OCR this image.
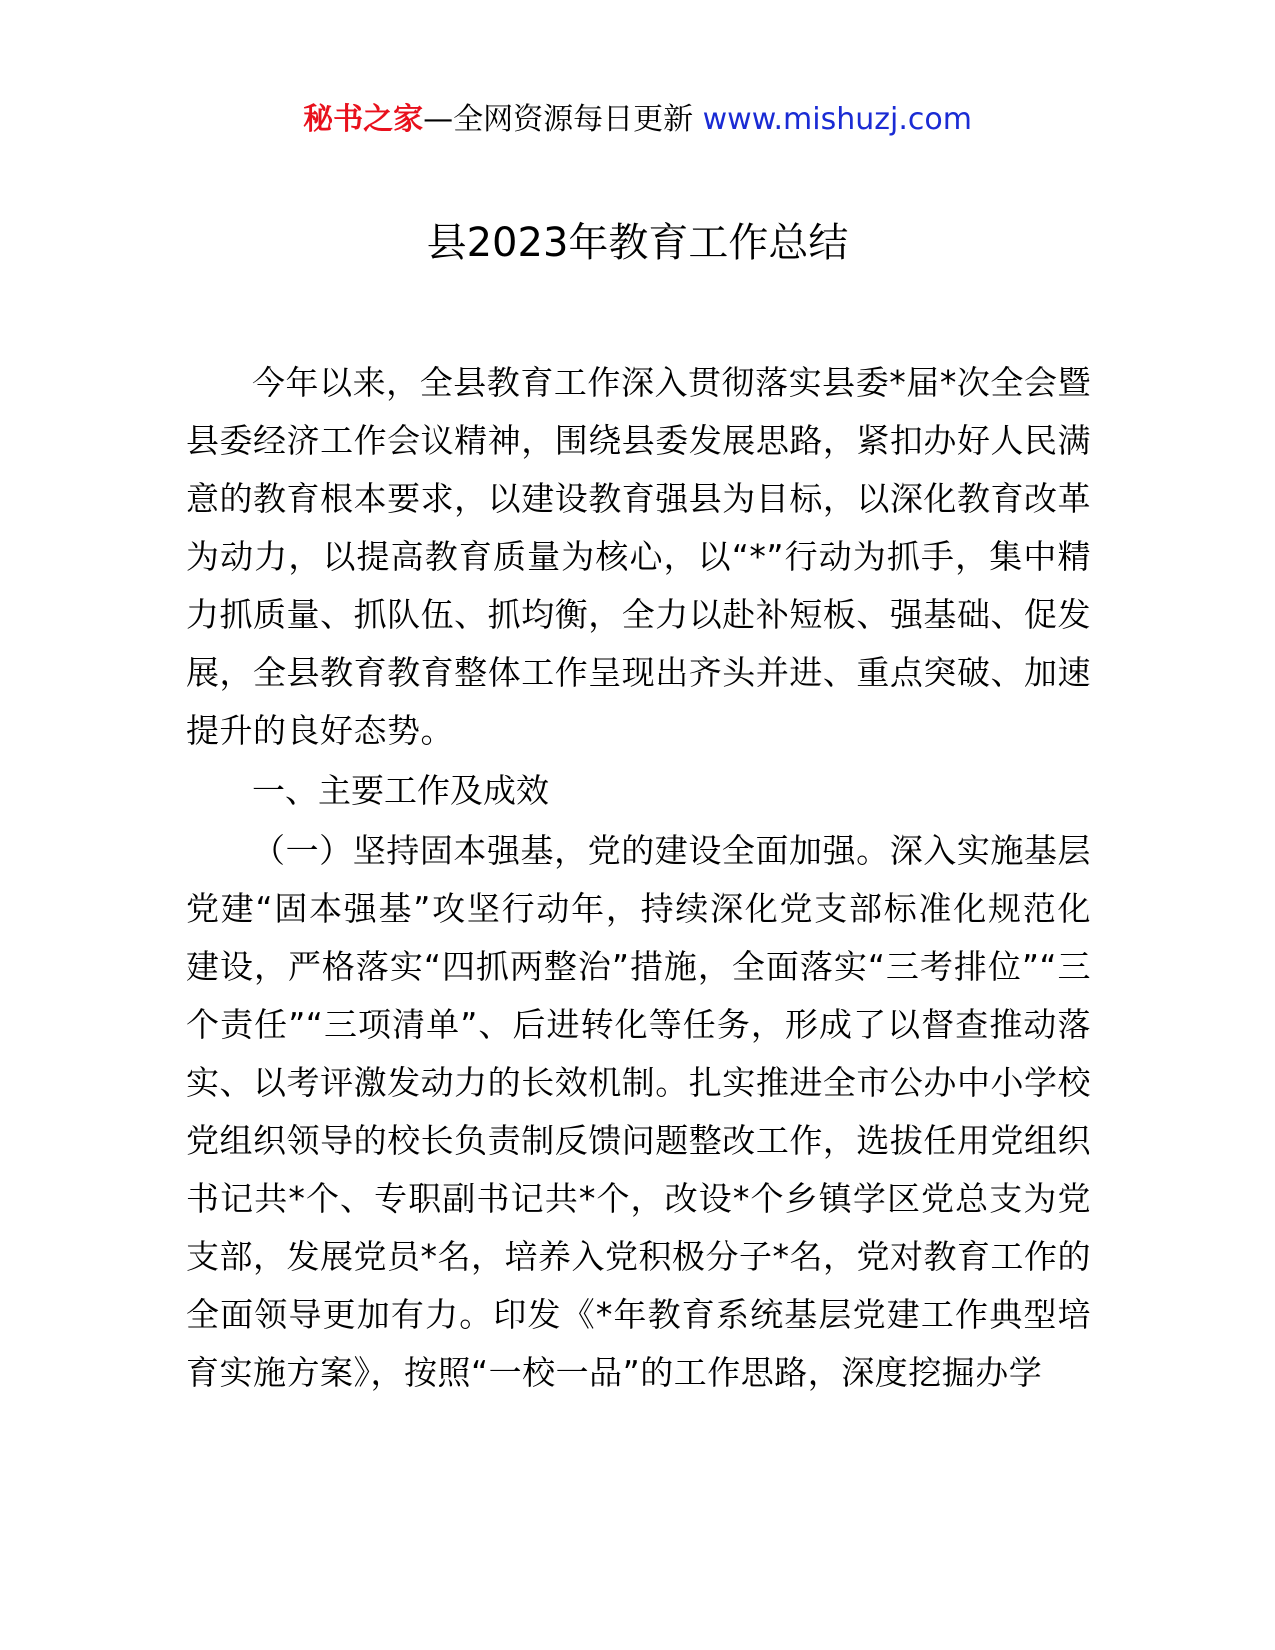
秘书之家—全网资源每日更新 www.mishuzj.com
县2023年教育工作总结

今年以来，全县教育工作深入贯彻落实县委*届*次全会暨县委经济工作会议精神，围绕县委发展思路，紧扣办好人民满意的教育根本要求，以建设教育强县为目标，以深化教育改革为动力，以提高教育质量为核心，以“*”行动为抓手，集中精力抓质量、抓队伍、抓均衡，全力以赴补短板、强基础、促发展，全县教育教育整体工作呈现出齐头并进、重点突破、加速提升的良好态势。

一、主要工作及成效

（一）坚持固本强基，党的建设全面加强。深入实施基层党建“固本强基”攻坚行动年，持续深化党支部标准化规范化建设，严格落实“四抓两整治”措施，全面落实“三考排位”“三个责任”“三项清单”、后进转化等任务，形成了以督查推动落实、以考评激发动力的长效机制。扎实推进全市公办中小学校党组织领导的校长负责制反馈问题整改工作，选拔任用党组织书记共*个、专职副书记共*个，改设*个乡镇学区党总支为党支部，发展党员*名，培养入党积极分子*名，党对教育工作的全面领导更加有力。印发《*年教育系统基层党建工作典型培育实施方案》，按照“一校一品”的工作思路，深度挖掘办学
